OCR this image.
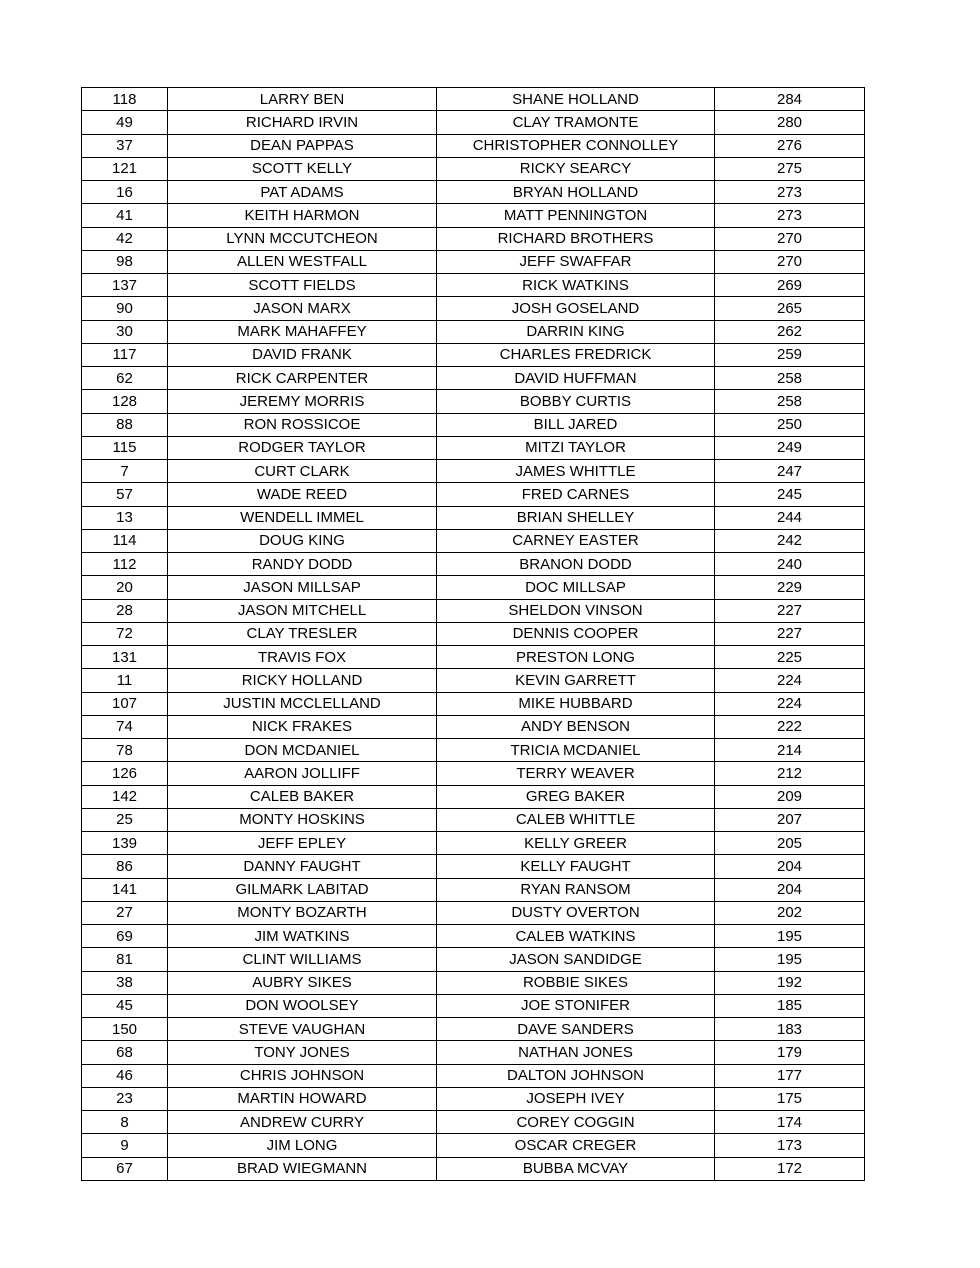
118	LARRY BEN	SHANE HOLLAND	284
49	RICHARD IRVIN	CLAY TRAMONTE	280
37	DEAN PAPPAS	CHRISTOPHER CONNOLLEY	276
121	SCOTT KELLY	RICKY SEARCY	275
16	PAT ADAMS	BRYAN HOLLAND	273
41	KEITH HARMON	MATT PENNINGTON	273
42	LYNN MCCUTCHEON	RICHARD BROTHERS	270
98	ALLEN WESTFALL	JEFF SWAFFAR	270
137	SCOTT FIELDS	RICK WATKINS	269
90	JASON MARX	JOSH GOSELAND	265
30	MARK MAHAFFEY	DARRIN KING	262
117	DAVID FRANK	CHARLES FREDRICK	259
62	RICK CARPENTER	DAVID HUFFMAN	258
128	JEREMY MORRIS	BOBBY CURTIS	258
88	RON ROSSICOE	BILL JARED	250
115	RODGER TAYLOR	MITZI TAYLOR	249
7	CURT CLARK	JAMES WHITTLE	247
57	WADE REED	FRED CARNES	245
13	WENDELL IMMEL	BRIAN SHELLEY	244
114	DOUG KING	CARNEY EASTER	242
112	RANDY DODD	BRANON DODD	240
20	JASON MILLSAP	DOC MILLSAP	229
28	JASON MITCHELL	SHELDON VINSON	227
72	CLAY TRESLER	DENNIS COOPER	227
131	TRAVIS FOX	PRESTON LONG	225
11	RICKY HOLLAND	KEVIN GARRETT	224
107	JUSTIN MCCLELLAND	MIKE HUBBARD	224
74	NICK FRAKES	ANDY BENSON	222
78	DON MCDANIEL	TRICIA MCDANIEL	214
126	AARON JOLLIFF	TERRY WEAVER	212
142	CALEB BAKER	GREG BAKER	209
25	MONTY HOSKINS	CALEB WHITTLE	207
139	JEFF EPLEY	KELLY GREER	205
86	DANNY FAUGHT	KELLY FAUGHT	204
141	GILMARK LABITAD	RYAN RANSOM	204
27	MONTY BOZARTH	DUSTY OVERTON	202
69	JIM WATKINS	CALEB WATKINS	195
81	CLINT WILLIAMS	JASON SANDIDGE	195
38	AUBRY SIKES	ROBBIE SIKES	192
45	DON WOOLSEY	JOE STONIFER	185
150	STEVE VAUGHAN	DAVE SANDERS	183
68	TONY JONES	NATHAN JONES	179
46	CHRIS JOHNSON	DALTON JOHNSON	177
23	MARTIN HOWARD	JOSEPH IVEY	175
8	ANDREW CURRY	COREY COGGIN	174
9	JIM LONG	OSCAR CREGER	173
67	BRAD WIEGMANN	BUBBA MCVAY	172
